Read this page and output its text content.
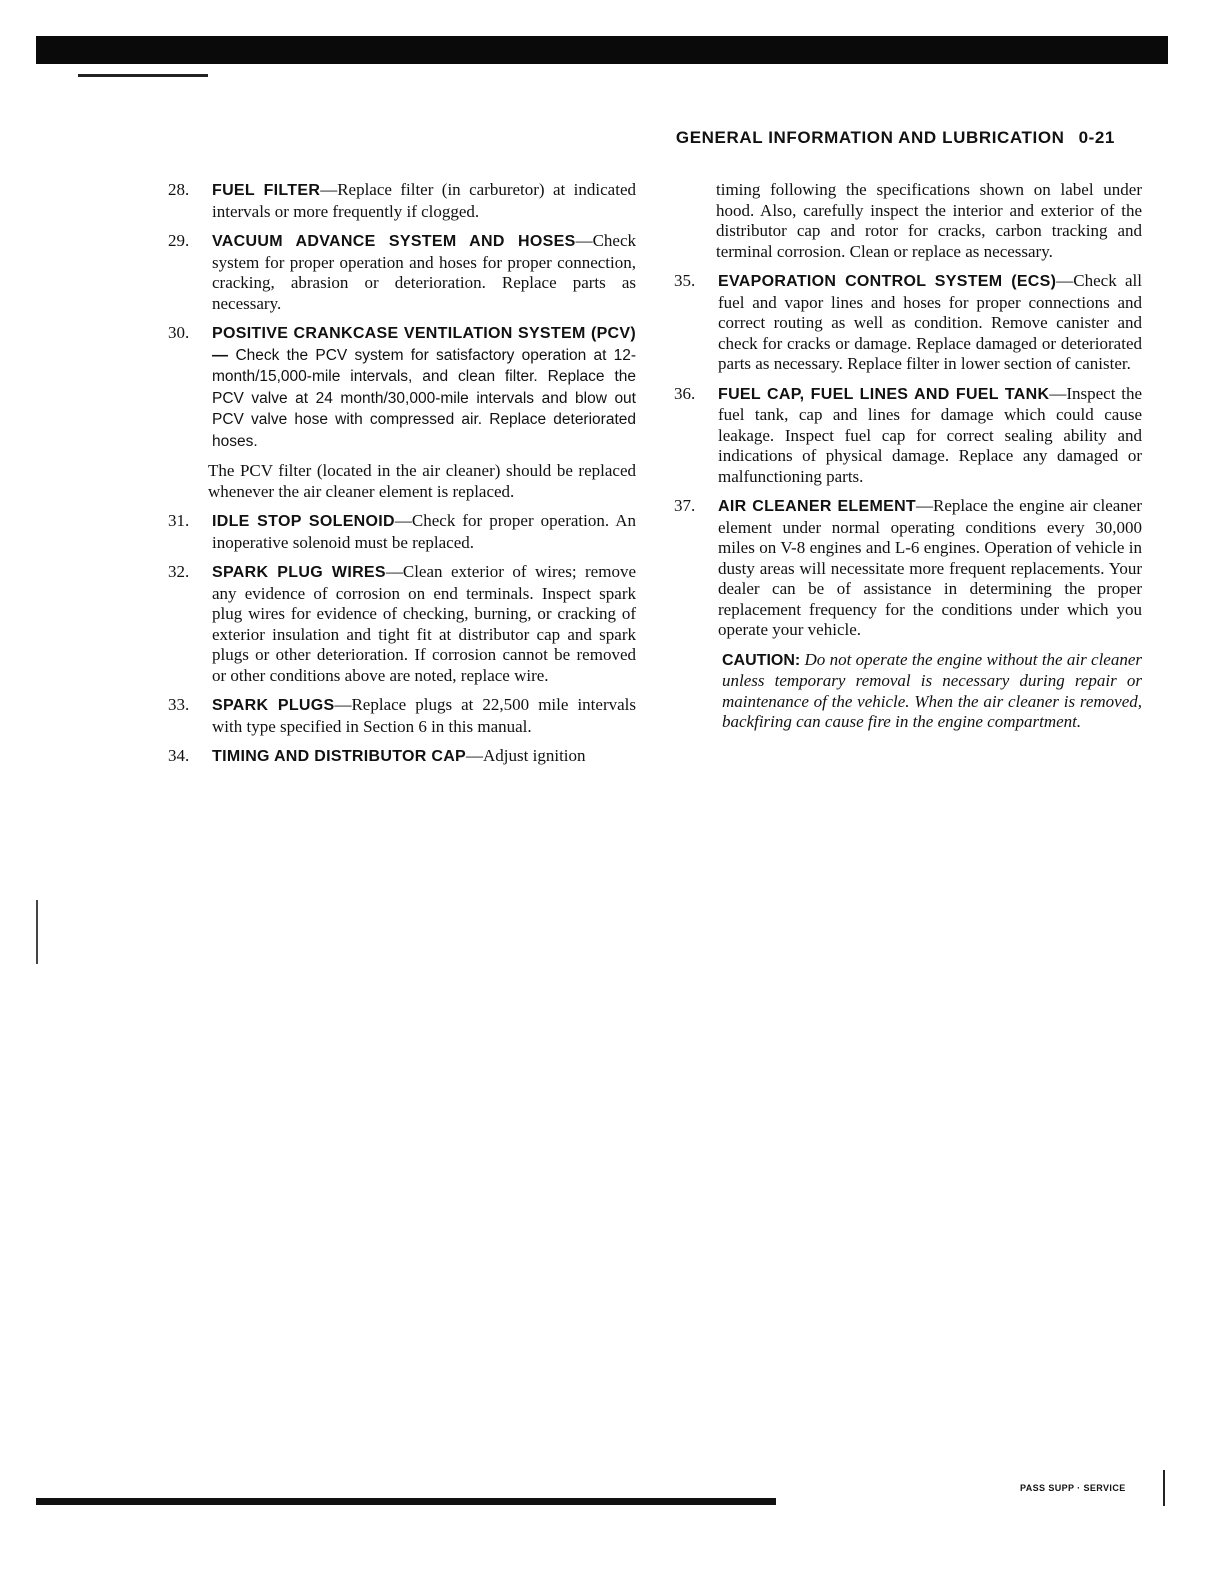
GENERAL INFORMATION AND LUBRICATION 0-21
28.	FUEL FILTER—Replace filter (in carburetor) at indicated intervals or more frequently if clogged.
29.	VACUUM ADVANCE SYSTEM AND HOSES—Check system for proper operation and hoses for proper connection, cracking, abrasion or deterioration. Replace parts as necessary.
30.	POSITIVE CRANKCASE VENTILATION SYSTEM (PCV)— Check the PCV system for satisfactory operation at 12-month/15,000-mile intervals, and clean filter. Replace the PCV valve at 24 month/30,000-mile intervals and blow out PCV valve hose with compressed air. Replace deteriorated hoses.

The PCV filter (located in the air cleaner) should be replaced whenever the air cleaner element is replaced.

31.	IDLE STOP SOLENOID—Check for proper operation. An inoperative solenoid must be replaced.
32.	SPARK PLUG WIRES—Clean exterior of wires; remove any evidence of corrosion on end terminals. Inspect spark plug wires for evidence of checking, burning, or cracking of exterior insulation and tight fit at distributor cap and spark plugs or other deterioration. If corrosion cannot be removed or other conditions above are noted, replace wire.
33.	SPARK PLUGS—Replace plugs at 22,500 mile intervals with type specified in Section 6 in this manual.
34.	TIMING AND DISTRIBUTOR CAP—Adjust ignition

timing following the specifications shown on label under hood. Also, carefully inspect the interior and exterior of the distributor cap and rotor for cracks, carbon tracking and terminal corrosion. Clean or replace as necessary.

35.	EVAPORATION CONTROL SYSTEM (ECS)—Check all fuel and vapor lines and hoses for proper connections and correct routing as well as condition. Remove canister and check for cracks or damage. Replace damaged or deteriorated parts as necessary. Replace filter in lower section of canister.
36.	FUEL CAP, FUEL LINES AND FUEL TANK—Inspect the fuel tank, cap and lines for damage which could cause leakage. Inspect fuel cap for correct sealing ability and indications of physical damage. Replace any damaged or malfunctioning parts.
37.	AIR CLEANER ELEMENT—Replace the engine air cleaner element under normal operating conditions every 30,000 miles on V-8 engines and L-6 engines. Operation of vehicle in dusty areas will necessitate more frequent replacements. Your dealer can be of assistance in determining the proper replacement frequency for the conditions under which you operate your vehicle.

CAUTION: Do not operate the engine without the air cleaner unless temporary removal is necessary during repair or maintenance of the vehicle. When the air cleaner is removed, backfiring can cause fire in the engine compartment.

PASS SUPP · SERVICE
